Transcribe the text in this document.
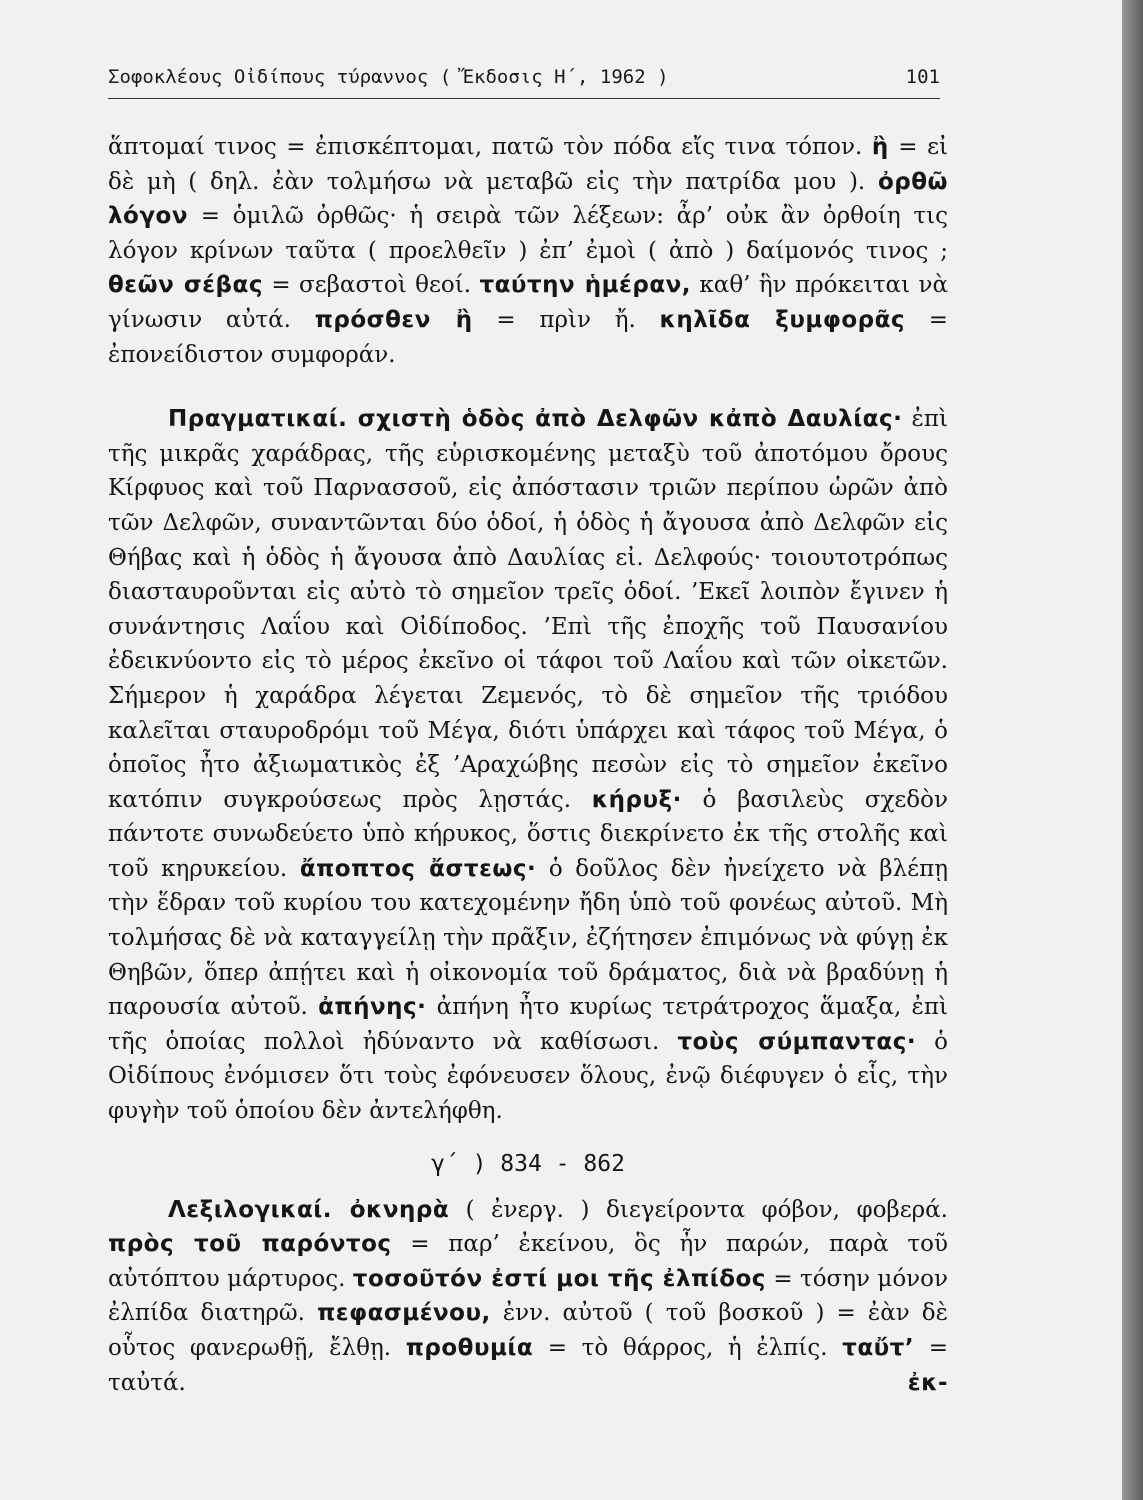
Σοφοκλέους Οἰδίπους τύραννος ( Ἔκδοσις Η΄, 1962 )	101

ἅπτομαί τινος = ἐπισκέπτομαι, πατῶ τὸν πόδα εἴς τινα τόπον. ἢ = εἰ δὲ μὴ ( δηλ. ἐὰν τολμήσω νὰ μεταβῶ εἰς τὴν πατρίδα μου ). ὀρθῶ λόγον = ὁμιλῶ ὀρθῶς· ἡ σειρὰ τῶν λέξεων: ἆρ’ οὐκ ἂν ὀρθοίη τις λόγον κρίνων ταῦτα ( προελθεῖν ) ἐπ’ ἐμοὶ ( ἀπὸ ) δαίμονός τινος ; θεῶν σέβας = σεβαστοὶ θεοί. ταύτην ἡμέραν, καθ’ ἣν πρόκειται νὰ γίνωσιν αὐτά. πρόσθεν ἢ = πρὶν ἤ. κηλῖδα ξυμφορᾶς = ἐπονείδιστον συμφοράν.

Πραγματικαί. σχιστὴ ὁδὸς ἀπὸ Δελφῶν κἀπὸ Δαυλίας· ἐπὶ τῆς μικρᾶς χαράδρας, τῆς εὑρισκομένης μεταξὺ τοῦ ἀποτόμου ὄρους Κίρφυος καὶ τοῦ Παρνασσοῦ, εἰς ἀπόστασιν τριῶν περίπου ὡρῶν ἀπὸ τῶν Δελφῶν, συναντῶνται δύο ὁδοί, ἡ ὁδὸς ἡ ἄγουσα ἀπὸ Δελφῶν εἰς Θήβας καὶ ἡ ὁδὸς ἡ ἄγουσα ἀπὸ Δαυλίας εἰ. Δελφούς· τοιουτοτρόπως διασταυροῦνται εἰς αὐτὸ τὸ σημεῖον τρεῖς ὁδοί. ’Εκεῖ λοιπὸν ἔγινεν ἡ συνάντησις Λαΐου καὶ Οἰδίποδος. ’Επὶ τῆς ἐποχῆς τοῦ Παυσανίου ἐδεικνύοντο εἰς τὸ μέρος ἐκεῖνο οἱ τάφοι τοῦ Λαΐου καὶ τῶν οἰκετῶν. Σήμερον ἡ χαράδρα λέγεται Ζεμενός, τὸ δὲ σημεῖον τῆς τριόδου καλεῖται σταυροδρόμι τοῦ Μέγα, διότι ὑπάρχει καὶ τάφος τοῦ Μέγα, ὁ ὁποῖος ἦτο ἀξιωματικὸς ἐξ ’Αραχώβης πεσὼν εἰς τὸ σημεῖον ἐκεῖνο κατόπιν συγκρούσεως πρὸς λῃστάς. κήρυξ· ὁ βασιλεὺς σχεδὸν πάντοτε συνωδεύετο ὑπὸ κήρυκος, ὅστις διεκρίνετο ἐκ τῆς στολῆς καὶ τοῦ κηρυκείου. ἄποπτος ἄστεως· ὁ δοῦλος δὲν ἠνείχετο νὰ βλέπῃ τὴν ἕδραν τοῦ κυρίου του κατεχομένην ἤδη ὑπὸ τοῦ φονέως αὐτοῦ. Μὴ τολμήσας δὲ νὰ καταγγείλῃ τὴν πρᾶξιν, ἐζήτησεν ἐπιμόνως νὰ φύγῃ ἐκ Θηβῶν, ὅπερ ἀπῄτει καὶ ἡ οἰκονομία τοῦ δράματος, διὰ νὰ βραδύνῃ ἡ παρουσία αὐτοῦ. ἀπήνης· ἀπήνη ἦτο κυρίως τετράτροχος ἅμαξα, ἐπὶ τῆς ὁποίας πολλοὶ ἠδύναντο νὰ καθίσωσι. τοὺς σύμπαντας· ὁ Οἰδίπους ἐνόμισεν ὅτι τοὺς ἐφόνευσεν ὅλους, ἐνῷ διέφυγεν ὁ εἷς, τὴν φυγὴν τοῦ ὁποίου δὲν ἀντελήφθη.

γ΄ ) 834 - 862

Λεξιλογικαί. ὀκνηρὰ ( ἐνεργ. ) διεγείροντα φόβον, φοβερά. πρὸς τοῦ παρόντος = παρ’ ἐκείνου, ὃς ἦν παρών, παρὰ τοῦ αὐτόπτου μάρτυρος. τοσοῦτόν ἐστί μοι τῆς ἐλπίδος = τόσην μόνον ἐλπίδα διατηρῶ. πεφασμένου, ἐνν. αὐτοῦ ( τοῦ βοσκοῦ ) = ἐὰν δὲ οὗτος φανερωθῇ, ἔλθῃ. προθυμία = τὸ θάρρος, ἡ ἐλπίς. ταὔτ’ = ταὐτά. ἐκ-
